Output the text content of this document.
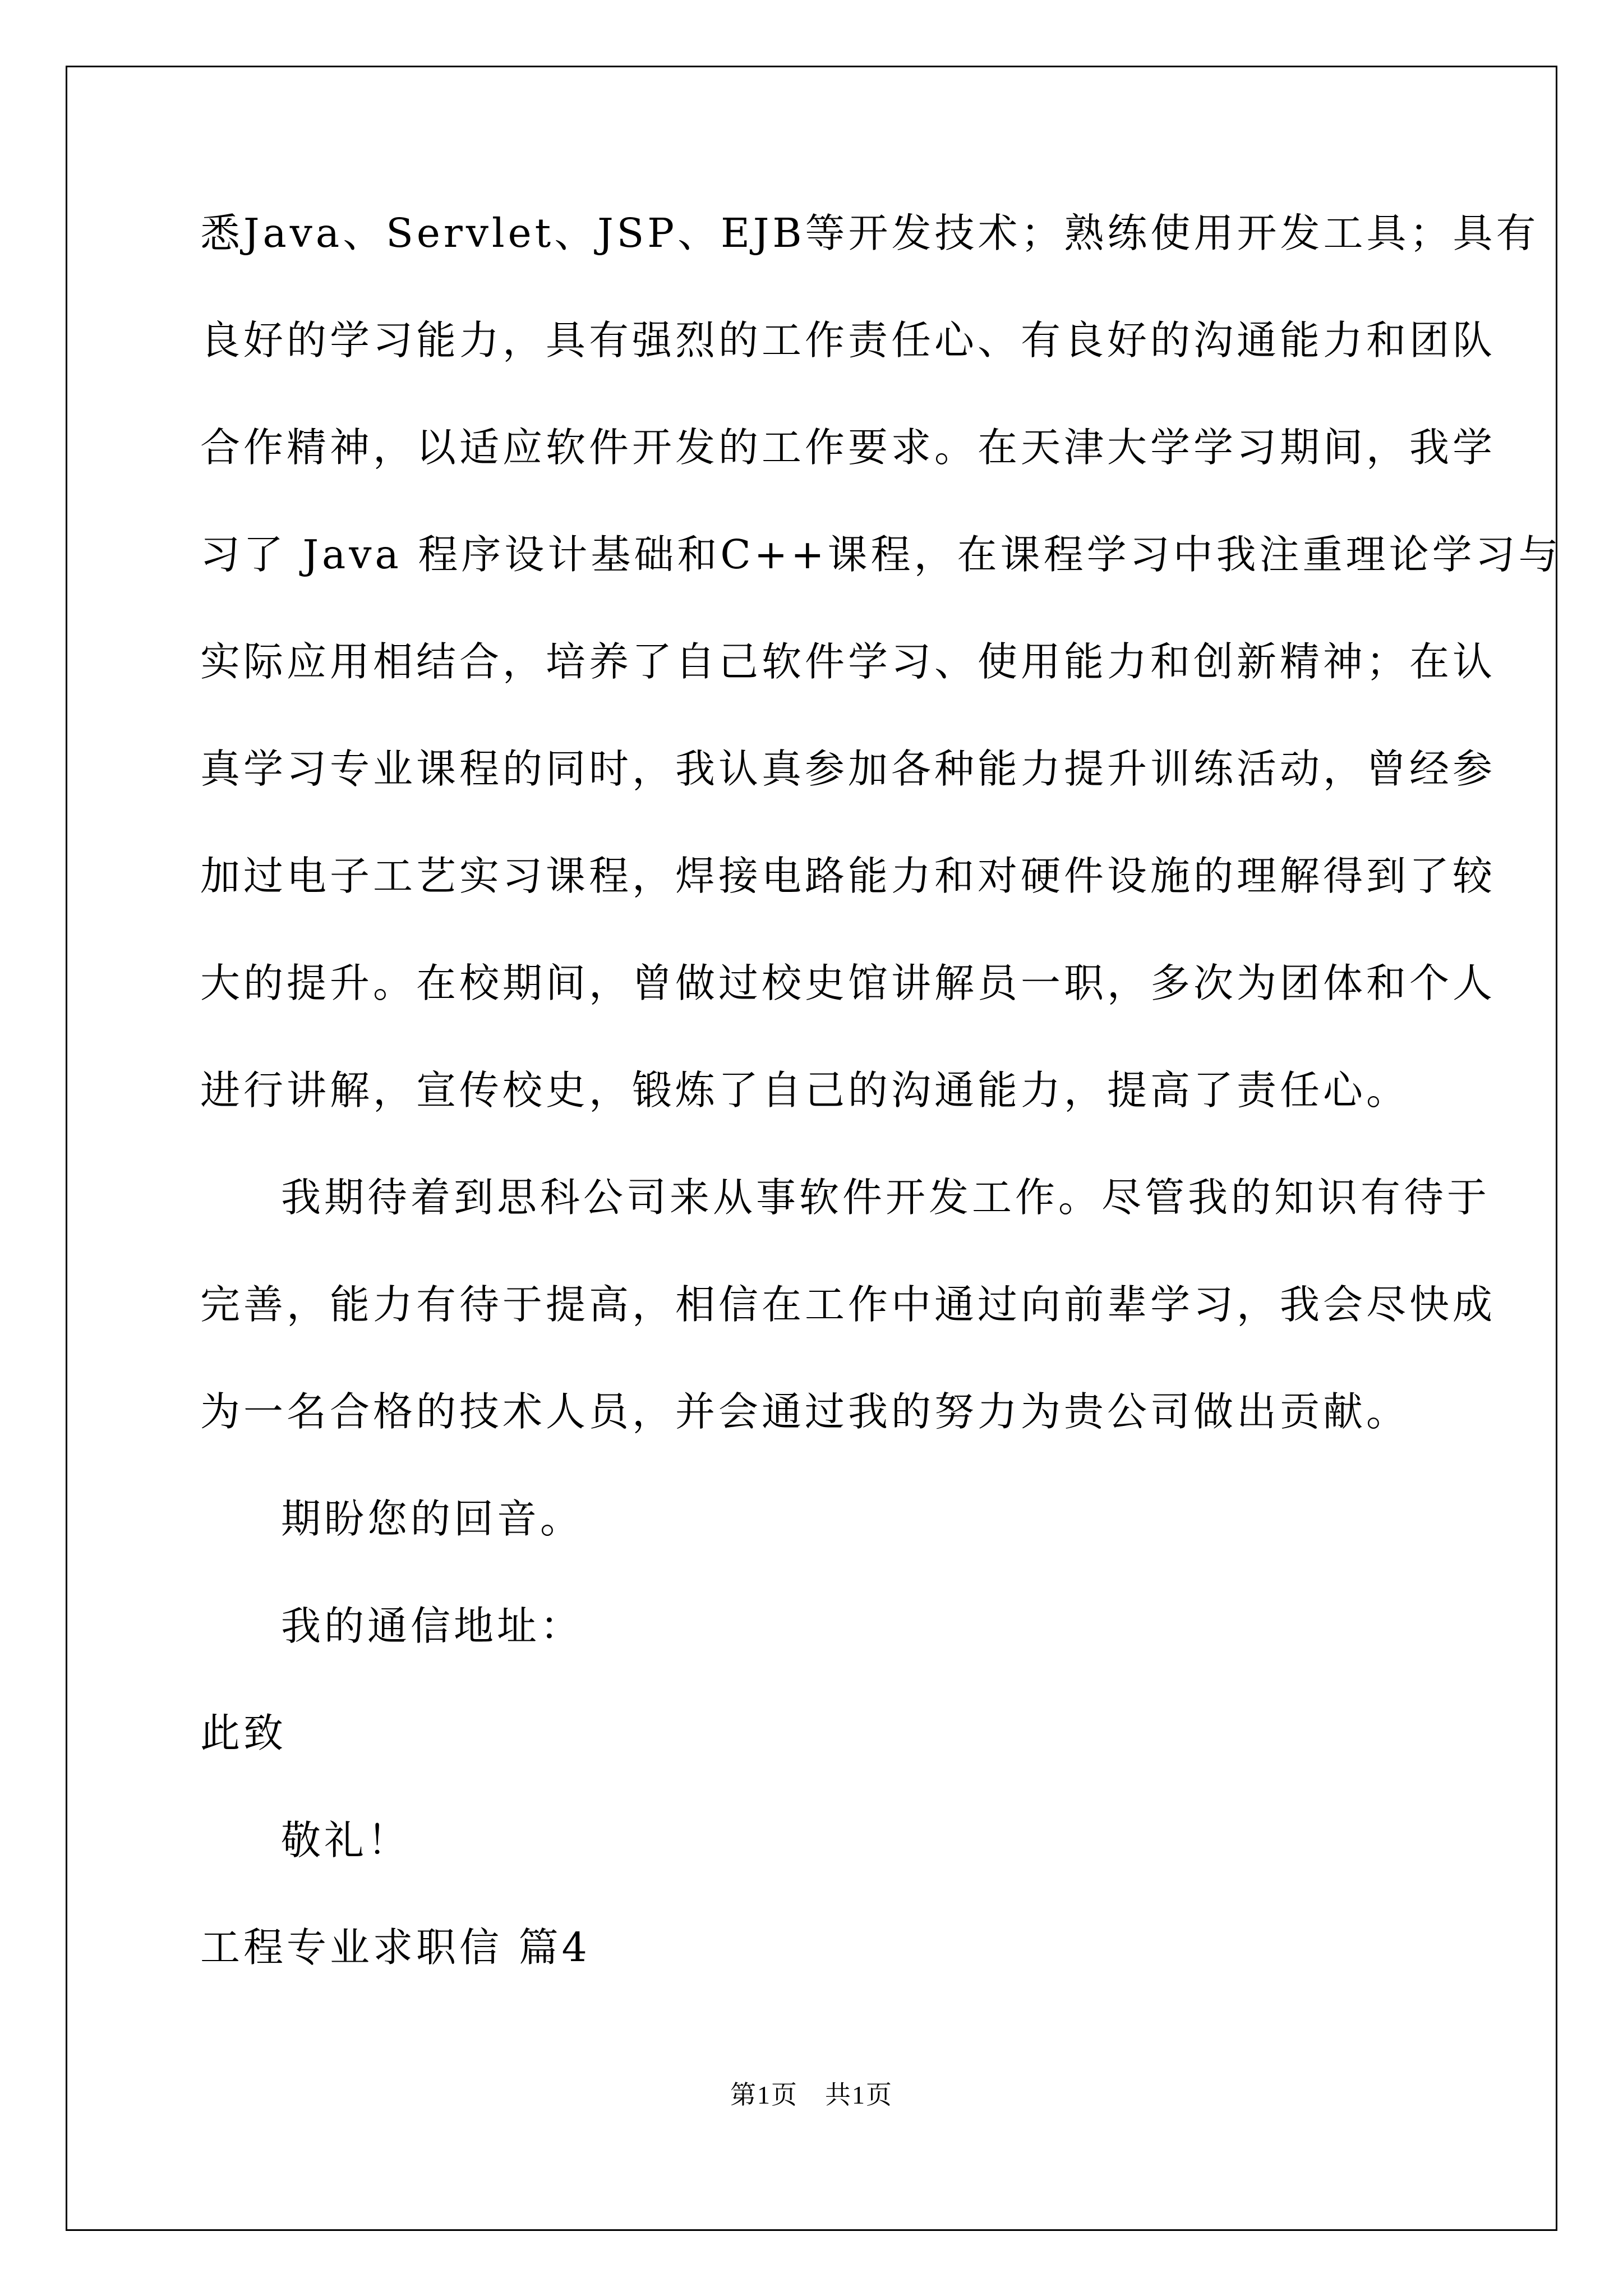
悉Java、Servlet、JSP、EJB等开发技术；熟练使用开发工具；具有
良好的学习能力，具有强烈的工作责任心、有良好的沟通能力和团队
合作精神，以适应软件开发的工作要求。在天津大学学习期间，我学
习了 Java 程序设计基础和C++课程，在课程学习中我注重理论学习与
实际应用相结合，培养了自己软件学习、使用能力和创新精神；在认
真学习专业课程的同时，我认真参加各种能力提升训练活动，曾经参
加过电子工艺实习课程，焊接电路能力和对硬件设施的理解得到了较
大的提升。在校期间，曾做过校史馆讲解员一职，多次为团体和个人
进行讲解，宣传校史，锻炼了自己的沟通能力，提高了责任心。
我期待着到思科公司来从事软件开发工作。尽管我的知识有待于
完善，能力有待于提高，相信在工作中通过向前辈学习，我会尽快成
为一名合格的技术人员，并会通过我的努力为贵公司做出贡献。
期盼您的回音。
我的通信地址：
此致
敬礼！
工程专业求职信 篇4
第1页　共1页
